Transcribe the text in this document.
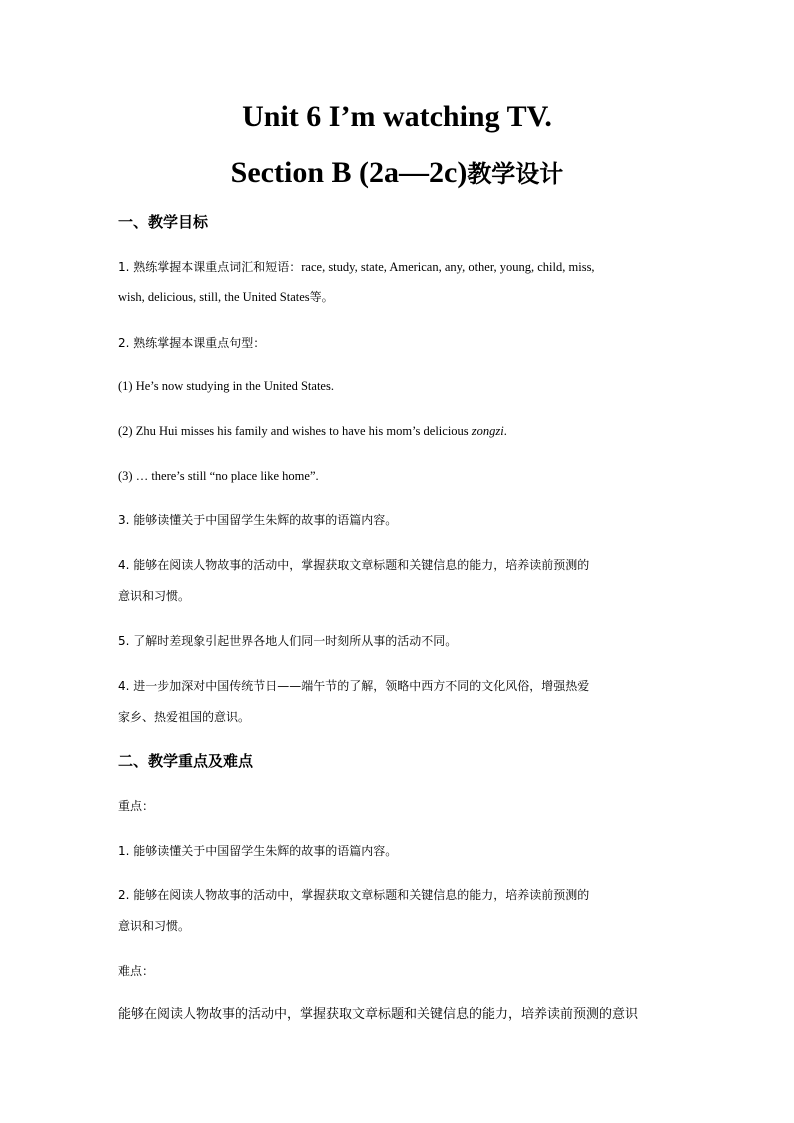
Unit 6 I’m watching TV.
Section B (2a—2c)教学设计
一、教学目标
1. 熟练掌握本课重点词汇和短语：race, study, state, American, any, other, young, child, miss,
wish, delicious, still, the United States等。
2. 熟练掌握本课重点句型：
(1) He’s now studying in the United States.
(2) Zhu Hui misses his family and wishes to have his mom’s delicious zongzi.
(3) … there’s still “no place like home”.
3. 能够读懂关于中国留学生朱辉的故事的语篇内容。
4. 能够在阅读人物故事的活动中，掌握获取文章标题和关键信息的能力，培养读前预测的
意识和习惯。
5. 了解时差现象引起世界各地人们同一时刻所从事的活动不同。
4. 进一步加深对中国传统节日——端午节的了解，领略中西方不同的文化风俗，增强热爱
家乡、热爱祖国的意识。
二、教学重点及难点
重点：
1. 能够读懂关于中国留学生朱辉的故事的语篇内容。
2. 能够在阅读人物故事的活动中，掌握获取文章标题和关键信息的能力，培养读前预测的
意识和习惯。
难点：
能够在阅读人物故事的活动中，掌握获取文章标题和关键信息的能力，培养读前预测的意识
